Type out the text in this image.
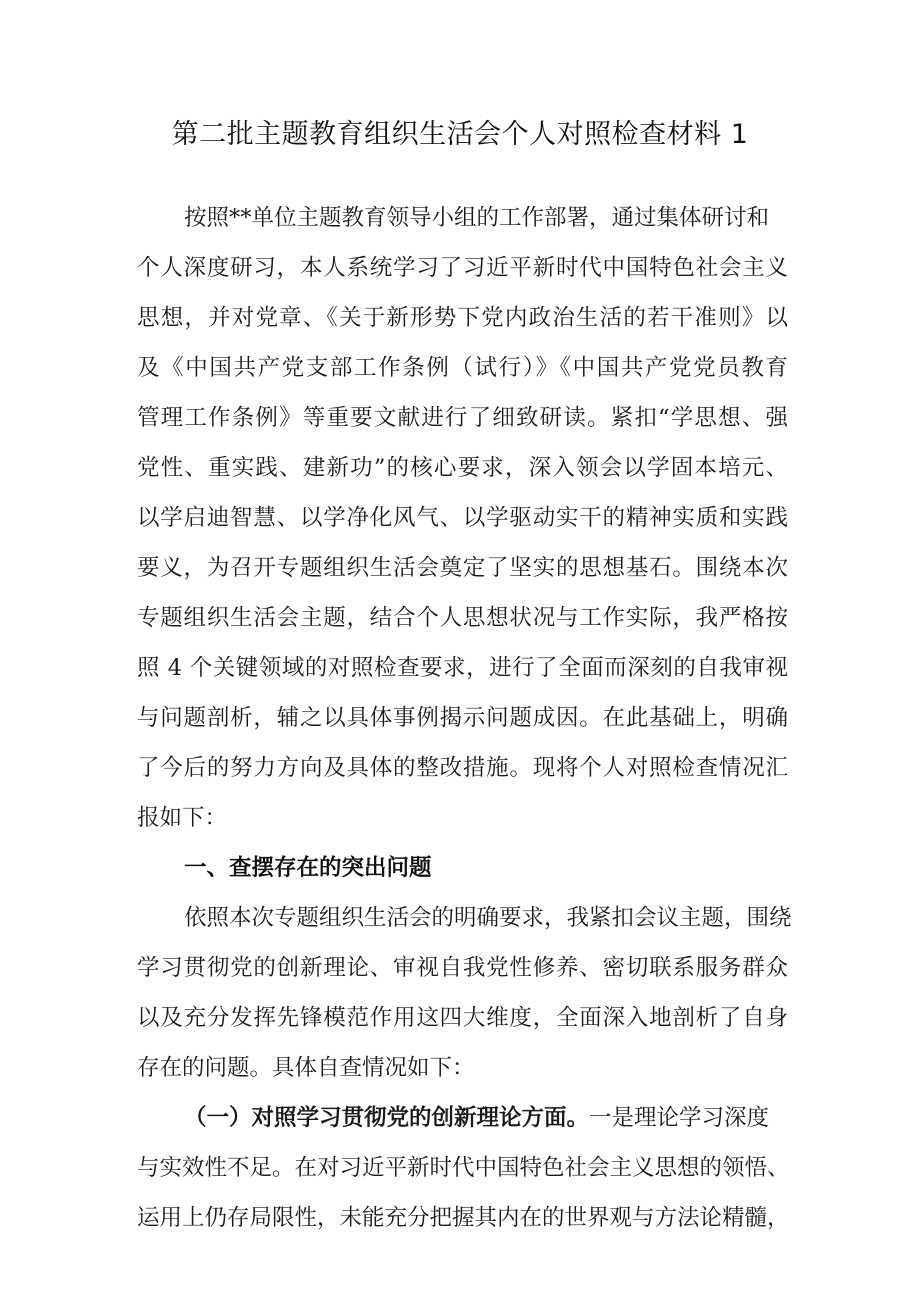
第二批主题教育组织生活会个人对照检查材料 1
按照**单位主题教育领导小组的工作部署，通过集体研讨和
个人深度研习，本人系统学习了习近平新时代中国特色社会主义
思想，并对党章、《关于新形势下党内政治生活的若干准则》以
及《中国共产党支部工作条例（试行）》《中国共产党党员教育
管理工作条例》等重要文献进行了细致研读。紧扣“学思想、强
党性、重实践、建新功”的核心要求，深入领会以学固本培元、
以学启迪智慧、以学净化风气、以学驱动实干的精神实质和实践
要义，为召开专题组织生活会奠定了坚实的思想基石。围绕本次
专题组织生活会主题，结合个人思想状况与工作实际，我严格按
照 4 个关键领域的对照检查要求，进行了全面而深刻的自我审视
与问题剖析，辅之以具体事例揭示问题成因。在此基础上，明确
了今后的努力方向及具体的整改措施。现将个人对照检查情况汇
报如下：
一、查摆存在的突出问题
依照本次专题组织生活会的明确要求，我紧扣会议主题，围绕
学习贯彻党的创新理论、审视自我党性修养、密切联系服务群众
以及充分发挥先锋模范作用这四大维度，全面深入地剖析了自身
存在的问题。具体自查情况如下：
（一）对照学习贯彻党的创新理论方面。一是理论学习深度
与实效性不足。在对习近平新时代中国特色社会主义思想的领悟、
运用上仍存局限性，未能充分把握其内在的世界观与方法论精髓，
